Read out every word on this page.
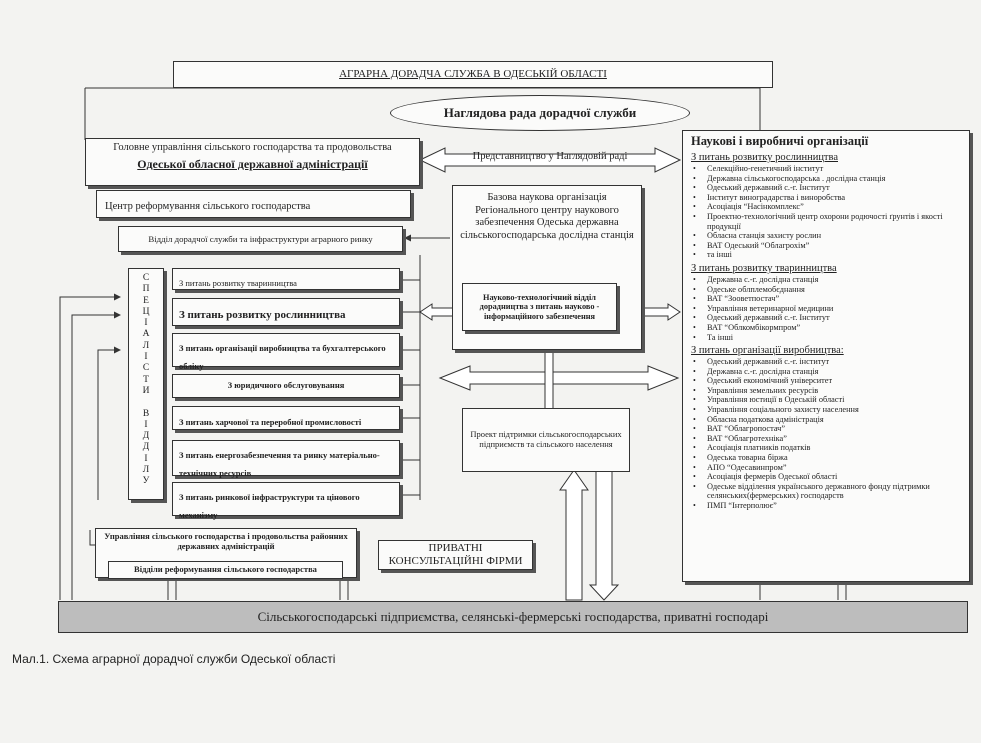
АГРАРНА ДОРАДЧА СЛУЖБА В ОДЕСЬКІЙ ОБЛАСТІ
Наглядова рада дорадчої служби
Представництво у Наглядовій раді
Головне управління сільського господарства та продовольства
Одеської обласної державної адміністрації
Центр реформування сільського господарства
Відділ дорадчої служби та інфраструктури аграрного ринку
Базова наукова організація Регіонального центру наукового забезпечення Одеська державна сільськогосподарська дослідна станція
Науково-технологічний відділ дорадництва з питань науково - інформаційного забезпечення
Проект підтримки сільськогосподарських підприємств та сільського населення
С
П
Е
Ц
І
А
Л
І
С
Т
И

В
І
Д
Д
І
Л
У
З питань розвитку тваринництва
З питань розвитку рослинництва
З питань організації виробництва та бухгалтерського обліку
З юридичного обслуговування
З питань харчової та переробної промисловості
З питань енергозабезпечення та ринку матеріально-технічних ресурсів
З питань ринкової інфраструктури та цінового механізму
Управління сільського господарства і продовольства районних державних адміністрацій
Відділи реформування сільського господарства
ПРИВАТНІ КОНСУЛЬТАЦІЙНІ ФІРМИ
Наукові і виробничі організації
З питань розвитку рослинництва
• Селекційно-генетичний інститут
• Державна сільськогосподарська . дослідна станція
• Одеський державний с.-г. Інститут
• Інститут виноградарства і виноробства
• Асоціація “Насінкомплекс”
• Проектно-технологічний центр охорони родючості ґрунтів і якості продукції
• Обласна станція захисту рослин
• ВАТ Одеський “Облагрохім”
• та інші
З питань розвитку тваринництва
• Державна с.-г. дослідна станція
• Одеське облплемобєднання
• ВАТ “Зооветпостач”
• Управління ветеринарної медицини
• Одеський державний с.-г. Інститут
• ВАТ “Облкомбікормпром”
• Та інші
З питань організації виробництва:
• Одеський державний с.-г. інститут
• Державна с.-г. дослідна станція
• Одеський економічний університет
• Управління земельних ресурсів
• Управління юстиції в Одеській області
• Управління соціального захисту населення
• Обласна податкова адміністрація
• ВАТ “Облагропостач”
• ВАТ “Облагротехніка”
• Асоціація платників податків
• Одеська товарна біржа
• АПО “Одесавинпром”
• Асоціація фермерів Одеської області
• Одеське відділення українського державного фонду підтримки селянських(фермерських) господарств
• ПМП “Інтерполює”
Сільськогосподарські підприємства, селянські-фермерські господарства, приватні господарі
Мал.1. Схема аграрної дорадчої служби Одеської області
